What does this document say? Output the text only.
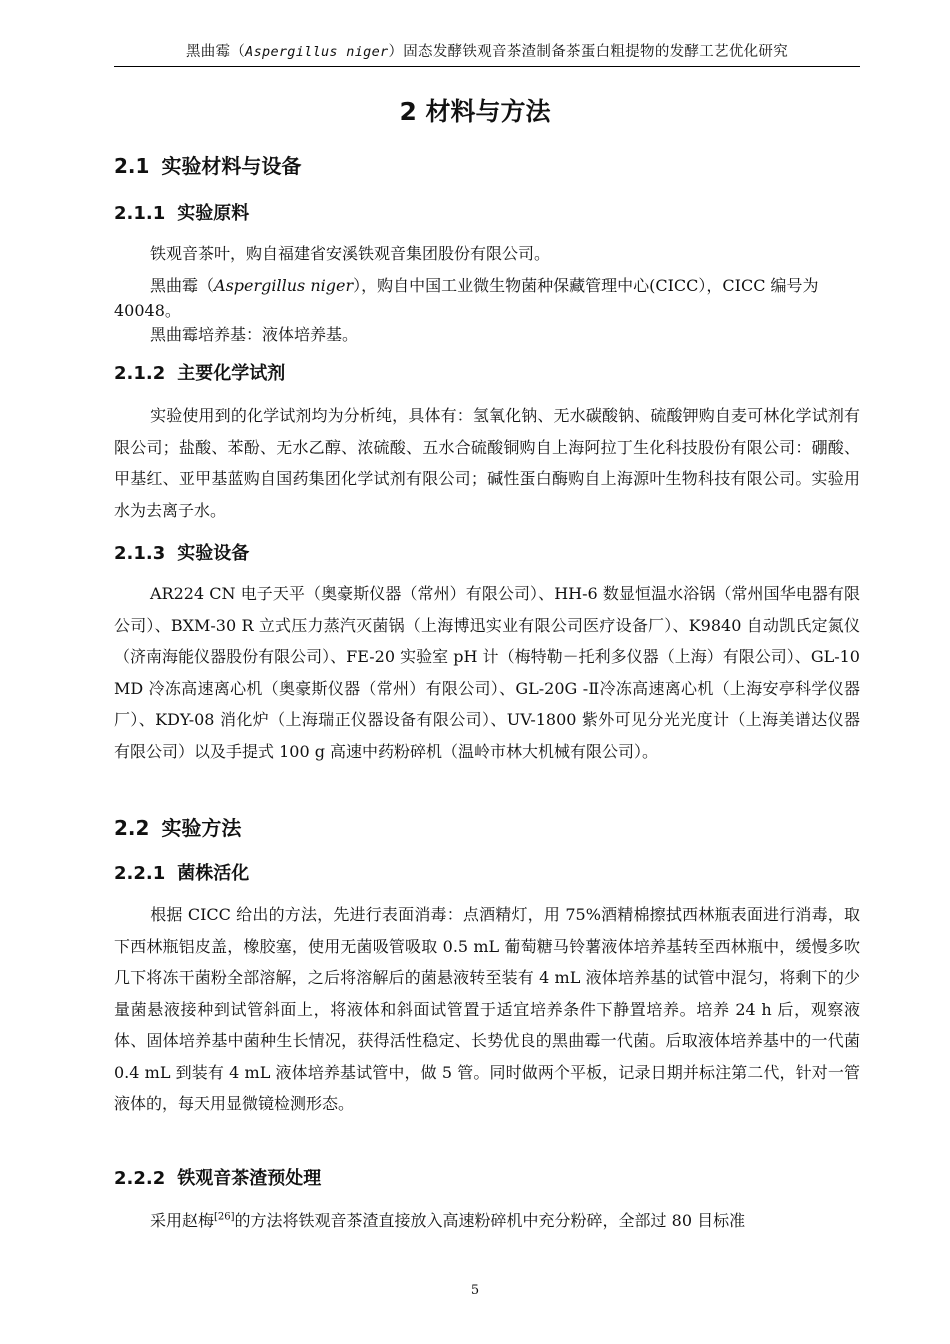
黑曲霉（Aspergillus niger）固态发酵铁观音茶渣制备茶蛋白粗提物的发酵工艺优化研究
2 材料与方法
2.1 实验材料与设备
2.1.1 实验原料

铁观音茶叶，购自福建省安溪铁观音集团股份有限公司。

黑曲霉（Aspergillus niger），购自中国工业微生物菌种保藏管理中心(CICC），CICC 编号为 40048。

黑曲霉培养基：液体培养基。

2.1.2 主要化学试剂

实验使用到的化学试剂均为分析纯，具体有：氢氧化钠、无水碳酸钠、硫酸钾购自麦可林化学试剂有限公司；盐酸、苯酚、无水乙醇、浓硫酸、五水合硫酸铜购自上海阿拉丁生化科技股份有限公司：硼酸、甲基红、亚甲基蓝购自国药集团化学试剂有限公司；碱性蛋白酶购自上海源叶生物科技有限公司。实验用水为去离子水。

2.1.3 实验设备

AR224 CN 电子天平（奥豪斯仪器（常州）有限公司）、HH-6 数显恒温水浴锅（常州国华电器有限公司）、BXM-30 R 立式压力蒸汽灭菌锅（上海博迅实业有限公司医疗设备厂）、K9840 自动凯氏定氮仪（济南海能仪器股份有限公司）、FE-20 实验室 pH 计（梅特勒－托利多仪器（上海）有限公司）、GL-10 MD 冷冻高速离心机（奥豪斯仪器（常州）有限公司）、GL-20G -Ⅱ冷冻高速离心机（上海安亭科学仪器厂）、KDY-08 消化炉（上海瑞正仪器设备有限公司）、UV-1800 紫外可见分光光度计（上海美谱达仪器有限公司）以及手提式 100 g 高速中药粉碎机（温岭市林大机械有限公司）。

2.2 实验方法
2.2.1 菌株活化

根据 CICC 给出的方法，先进行表面消毒：点酒精灯，用 75%酒精棉擦拭西林瓶表面进行消毒，取下西林瓶铝皮盖，橡胶塞，使用无菌吸管吸取 0.5 mL 葡萄糖马铃薯液体培养基转至西林瓶中，缓慢多吹几下将冻干菌粉全部溶解，之后将溶解后的菌悬液转至装有 4 mL 液体培养基的试管中混匀，将剩下的少量菌悬液接种到试管斜面上，将液体和斜面试管置于适宜培养条件下静置培养。培养 24 h 后，观察液体、固体培养基中菌种生长情况，获得活性稳定、长势优良的黑曲霉一代菌。后取液体培养基中的一代菌 0.4 mL 到装有 4 mL 液体培养基试管中，做 5 管。同时做两个平板，记录日期并标注第二代，针对一管液体的，每天用显微镜检测形态。

2.2.2 铁观音茶渣预处理

采用赵梅[26]的方法将铁观音茶渣直接放入高速粉碎机中充分粉碎，全部过 80 目标准

5
